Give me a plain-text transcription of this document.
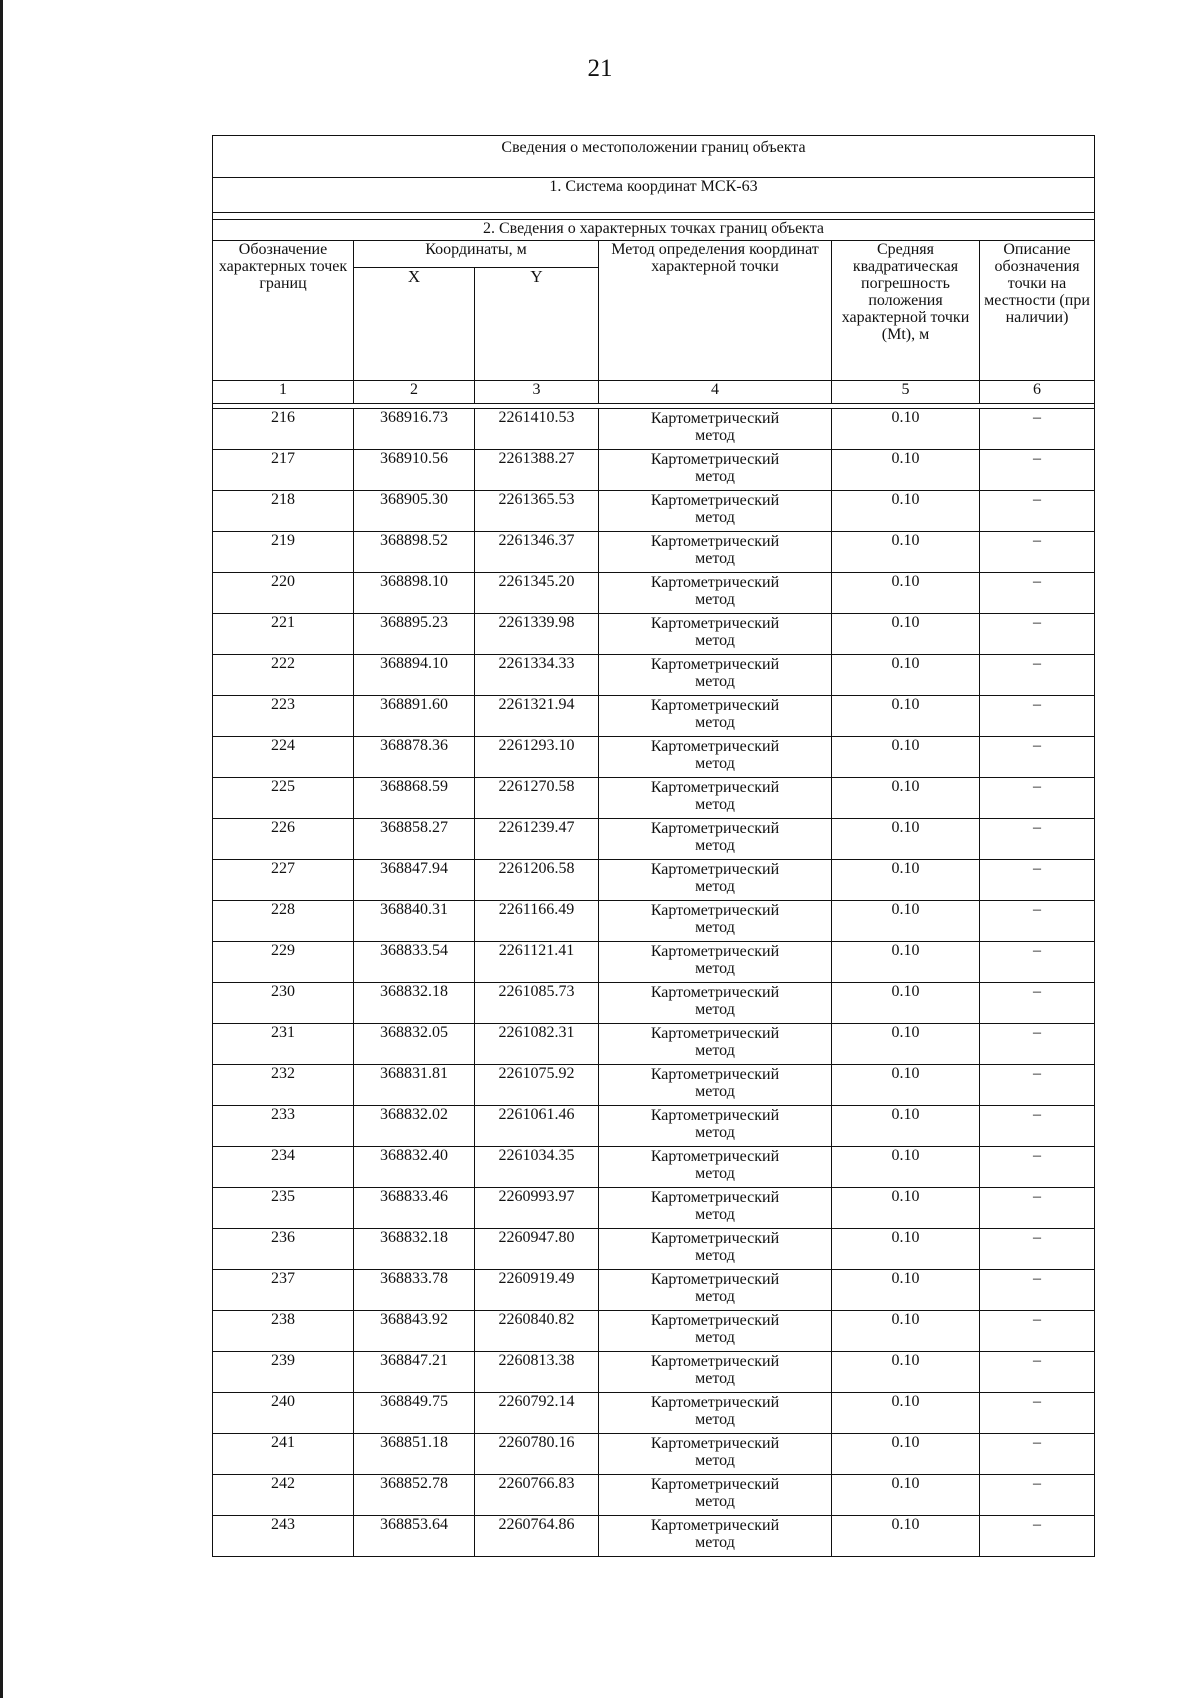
21
Сведения о местоположении границ объекта					
1. Система координат МСК-63					

2. Сведения о характерных точках границ объекта					
Обозначение характерных точек границ	Координаты, м		Метод определения координат характерной точки	Средняя квадратическая погрешность положения характерной точки (Mt), м	Описание обозначения точки на местности (при наличии)
	X	Y			
1	2	3	4	5	6

216	368916.73	2261410.53	Картометрический
метод	0.10	–
217	368910.56	2261388.27	Картометрический
метод	0.10	–
218	368905.30	2261365.53	Картометрический
метод	0.10	–
219	368898.52	2261346.37	Картометрический
метод	0.10	–
220	368898.10	2261345.20	Картометрический
метод	0.10	–
221	368895.23	2261339.98	Картометрический
метод	0.10	–
222	368894.10	2261334.33	Картометрический
метод	0.10	–
223	368891.60	2261321.94	Картометрический
метод	0.10	–
224	368878.36	2261293.10	Картометрический
метод	0.10	–
225	368868.59	2261270.58	Картометрический
метод	0.10	–
226	368858.27	2261239.47	Картометрический
метод	0.10	–
227	368847.94	2261206.58	Картометрический
метод	0.10	–
228	368840.31	2261166.49	Картометрический
метод	0.10	–
229	368833.54	2261121.41	Картометрический
метод	0.10	–
230	368832.18	2261085.73	Картометрический
метод	0.10	–
231	368832.05	2261082.31	Картометрический
метод	0.10	–
232	368831.81	2261075.92	Картометрический
метод	0.10	–
233	368832.02	2261061.46	Картометрический
метод	0.10	–
234	368832.40	2261034.35	Картометрический
метод	0.10	–
235	368833.46	2260993.97	Картометрический
метод	0.10	–
236	368832.18	2260947.80	Картометрический
метод	0.10	–
237	368833.78	2260919.49	Картометрический
метод	0.10	–
238	368843.92	2260840.82	Картометрический
метод	0.10	–
239	368847.21	2260813.38	Картометрический
метод	0.10	–
240	368849.75	2260792.14	Картометрический
метод	0.10	–
241	368851.18	2260780.16	Картометрический
метод	0.10	–
242	368852.78	2260766.83	Картометрический
метод	0.10	–
243	368853.64	2260764.86	Картометрический
метод	0.10	–
